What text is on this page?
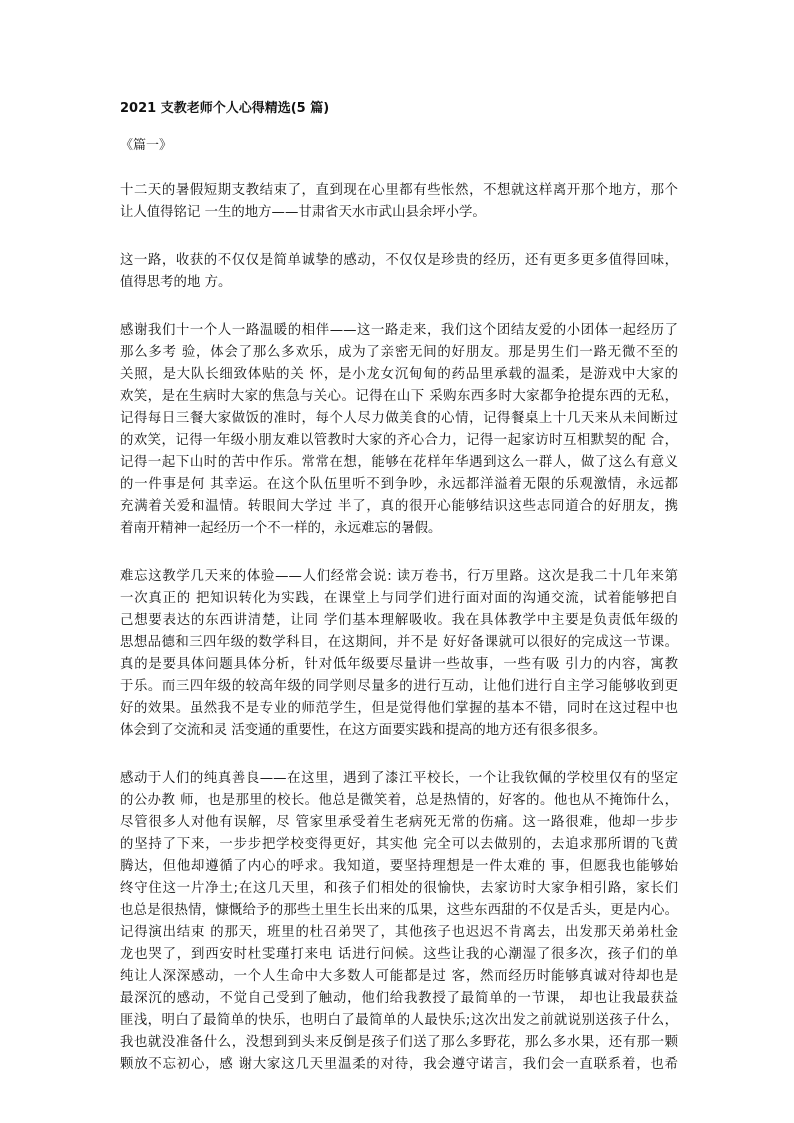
2021 支教老师个人心得精选(5 篇)
《篇一》
十二天的暑假短期支教结束了，直到现在心里都有些怅然，不想就这样离开那个地方，那个
让人值得铭记 一生的地方——甘肃省天水市武山县余坪小学。
这一路，收获的不仅仅是简单诚挚的感动，不仅仅是珍贵的经历，还有更多更多值得回味，
值得思考的地 方。
感谢我们十一个人一路温暖的相伴——这一路走来，我们这个团结友爱的小团体一起经历了
那么多考 验，体会了那么多欢乐，成为了亲密无间的好朋友。那是男生们一路无微不至的
关照，是大队长细致体贴的关 怀，是小龙女沉甸甸的药品里承载的温柔，是游戏中大家的
欢笑，是在生病时大家的焦急与关心。记得在山下 采购东西多时大家都争抢提东西的无私，
记得每日三餐大家做饭的准时，每个人尽力做美食的心情，记得餐桌上十几天来从未间断过
的欢笑，记得一年级小朋友难以管教时大家的齐心合力，记得一起家访时互相默契的配 合，
记得一起下山时的苦中作乐。常常在想，能够在花样年华遇到这么一群人，做了这么有意义
的一件事是何 其幸运。在这个队伍里听不到争吵，永远都洋溢着无限的乐观激情，永远都
充满着关爱和温情。转眼间大学过 半了，真的很开心能够结识这些志同道合的好朋友，携
着南开精神一起经历一个不一样的，永远难忘的暑假。
难忘这教学几天来的体验——人们经常会说: 读万卷书，行万里路。这次是我二十几年来第
一次真正的 把知识转化为实践，在课堂上与同学们进行面对面的沟通交流，试着能够把自
己想要表达的东西讲清楚，让同 学们基本理解吸收。我在具体教学中主要是负责低年级的
思想品德和三四年级的数学科目，在这期间，并不是 好好备课就可以很好的完成这一节课。
真的是要具体问题具体分析，针对低年级要尽量讲一些故事，一些有吸 引力的内容，寓教
于乐。而三四年级的较高年级的同学则尽量多的进行互动，让他们进行自主学习能够收到更
好的效果。虽然我不是专业的师范学生，但是觉得他们掌握的基本不错，同时在这过程中也
体会到了交流和灵 活变通的重要性，在这方面要实践和提高的地方还有很多很多。
感动于人们的纯真善良——在这里，遇到了漆江平校长，一个让我钦佩的学校里仅有的坚定
的公办教 师，也是那里的校长。他总是微笑着，总是热情的，好客的。他也从不掩饰什么，
尽管很多人对他有误解，尽 管家里承受着生老病死无常的伤痛。这一路很难，他却一步步
的坚持了下来，一步步把学校变得更好，其实他 完全可以去做别的，去追求那所谓的飞黄
腾达，但他却遵循了内心的呼求。我知道，要坚持理想是一件太难的 事，但愿我也能够始
终守住这一片净土;在这几天里，和孩子们相处的很愉快，去家访时大家争相引路，家长们
也总是很热情，慷慨给予的那些土里生长出来的瓜果，这些东西甜的不仅是舌头，更是内心。
记得演出结束 的那天，班里的杜召弟哭了，其他孩子也迟迟不肯离去，出发那天弟弟杜金
龙也哭了，到西安时杜雯瑾打来电 话进行问候。这些让我的心潮湿了很多次，孩子们的单
纯让人深深感动，一个人生命中大多数人可能都是过 客，然而经历时能够真诚对待却也是
最深沉的感动，不觉自己受到了触动，他们给我教授了最简单的一节课， 却也让我最获益
匪浅，明白了最简单的快乐，也明白了最简单的人最快乐;这次出发之前就说别送孩子什么，
我也就没准备什么，没想到到头来反倒是孩子们送了那么多野花，那么多水果，还有那一颗
颗放不忘初心，感 谢大家这几天里温柔的对待，我会遵守诺言，我们会一直联系着，也希
